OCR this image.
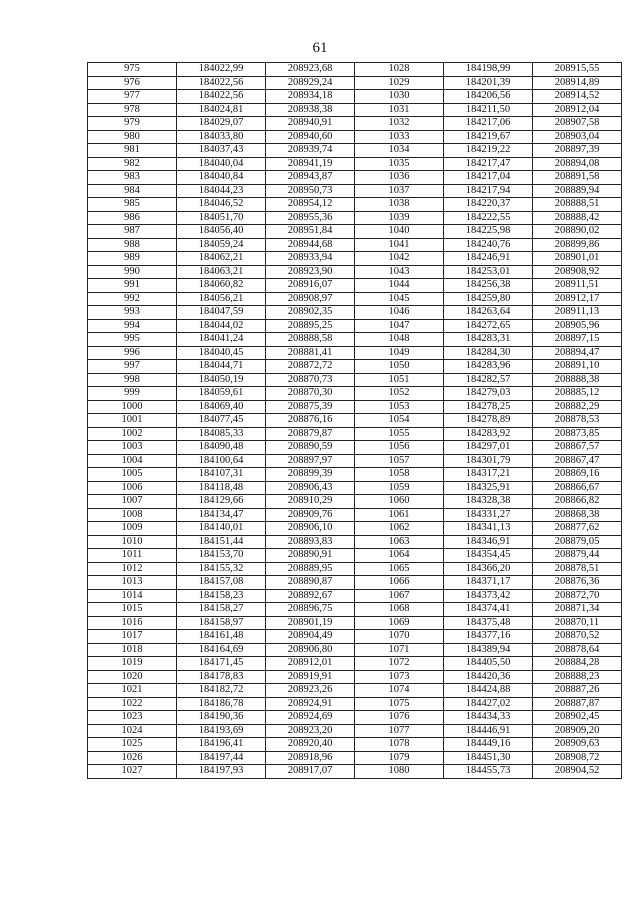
61
975	184022,99	208923,68	1028	184198,99	208915,55
976	184022,56	208929,24	1029	184201,39	208914,89
977	184022,56	208934,18	1030	184206,56	208914,52
978	184024,81	208938,38	1031	184211,50	208912,04
979	184029,07	208940,91	1032	184217,06	208907,58
980	184033,80	208940,60	1033	184219,67	208903,04
981	184037,43	208939,74	1034	184219,22	208897,39
982	184040,04	208941,19	1035	184217,47	208894,08
983	184040,84	208943,87	1036	184217,04	208891,58
984	184044,23	208950,73	1037	184217,94	208889,94
985	184046,52	208954,12	1038	184220,37	208888,51
986	184051,70	208955,36	1039	184222,55	208888,42
987	184056,40	208951,84	1040	184225,98	208890,02
988	184059,24	208944,68	1041	184240,76	208899,86
989	184062,21	208933,94	1042	184246,91	208901,01
990	184063,21	208923,90	1043	184253,01	208908,92
991	184060,82	208916,07	1044	184256,38	208911,51
992	184056,21	208908,97	1045	184259,80	208912,17
993	184047,59	208902,35	1046	184263,64	208911,13
994	184044,02	208895,25	1047	184272,65	208905,96
995	184041,24	208888,58	1048	184283,31	208897,15
996	184040,45	208881,41	1049	184284,30	208894,47
997	184044,71	208872,72	1050	184283,96	208891,10
998	184050,19	208870,73	1051	184282,57	208888,38
999	184059,61	208870,30	1052	184279,03	208885,12
1000	184069,40	208875,39	1053	184278,25	208882,29
1001	184077,45	208876,16	1054	184278,89	208878,53
1002	184085,33	208879,87	1055	184283,92	208873,85
1003	184090,48	208890,59	1056	184297,01	208867,57
1004	184100,64	208897,97	1057	184301,79	208867,47
1005	184107,31	208899,39	1058	184317,21	208869,16
1006	184118,48	208906,43	1059	184325,91	208866,67
1007	184129,66	208910,29	1060	184328,38	208866,82
1008	184134,47	208909,76	1061	184331,27	208868,38
1009	184140,01	208906,10	1062	184341,13	208877,62
1010	184151,44	208893,83	1063	184346,91	208879,05
1011	184153,70	208890,91	1064	184354,45	208879,44
1012	184155,32	208889,95	1065	184366,20	208878,51
1013	184157,08	208890,87	1066	184371,17	208876,36
1014	184158,23	208892,67	1067	184373,42	208872,70
1015	184158,27	208896,75	1068	184374,41	208871,34
1016	184158,97	208901,19	1069	184375,48	208870,11
1017	184161,48	208904,49	1070	184377,16	208870,52
1018	184164,69	208906,80	1071	184389,94	208878,64
1019	184171,45	208912,01	1072	184405,50	208884,28
1020	184178,83	208919,91	1073	184420,36	208888,23
1021	184182,72	208923,26	1074	184424,88	208887,26
1022	184186,78	208924,91	1075	184427,02	208887,87
1023	184190,36	208924,69	1076	184434,33	208902,45
1024	184193,69	208923,20	1077	184446,91	208909,20
1025	184196,41	208920,40	1078	184449,16	208909,63
1026	184197,44	208918,96	1079	184451,30	208908,72
1027	184197,93	208917,07	1080	184455,73	208904,52
